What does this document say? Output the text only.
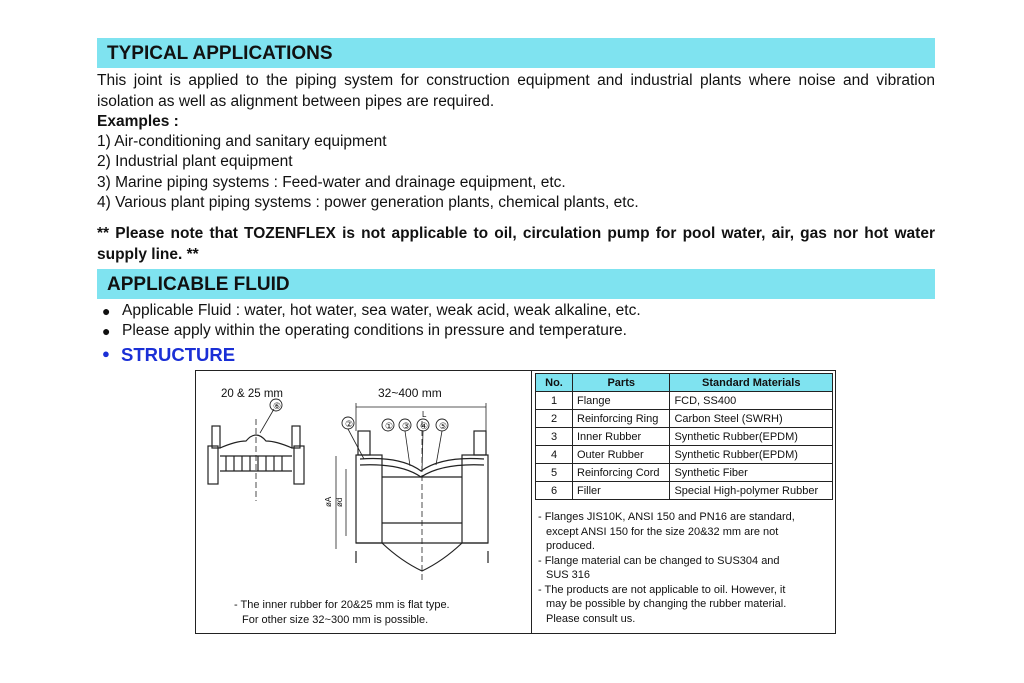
TYPICAL APPLICATIONS
This joint is applied to the piping system for construction equipment and industrial plants where noise and vibration isolation as well as alignment between pipes are required.
Examples :
1) Air-conditioning and sanitary equipment
2) Industrial plant equipment
3) Marine piping systems : Feed-water and drainage equipment, etc.
4) Various plant piping systems : power generation plants, chemical plants, etc.
** Please note that TOZENFLEX is not applicable to oil, circulation pump for pool water, air, gas nor hot water supply line. **
APPLICABLE FLUID
● Applicable Fluid : water, hot water, sea water, weak acid, weak alkaline, etc.
● Please apply within the operating conditions in pressure and temperature.
● STRUCTURE
20 & 25 mm	32~400 mm
⑥
②	① ③ ④ ⑤
L
øA ød
- The inner rubber for 20&25 mm is flat type.
For other size 32~300 mm is possible.
No.	Parts	Standard Materials
1	Flange	FCD, SS400
2	Reinforcing Ring	Carbon Steel (SWRH)
3	Inner Rubber	Synthetic Rubber(EPDM)
4	Outer Rubber	Synthetic Rubber(EPDM)
5	Reinforcing Cord	Synthetic Fiber
6	Filler	Special High-polymer Rubber
- Flanges JIS10K, ANSI 150 and PN16 are standard,
except ANSI 150 for the size 20&32 mm are not
produced.
- Flange material can be changed to SUS304 and
SUS 316
- The products are not applicable to oil. However, it
may be possible by changing the rubber material.
Please consult us.
